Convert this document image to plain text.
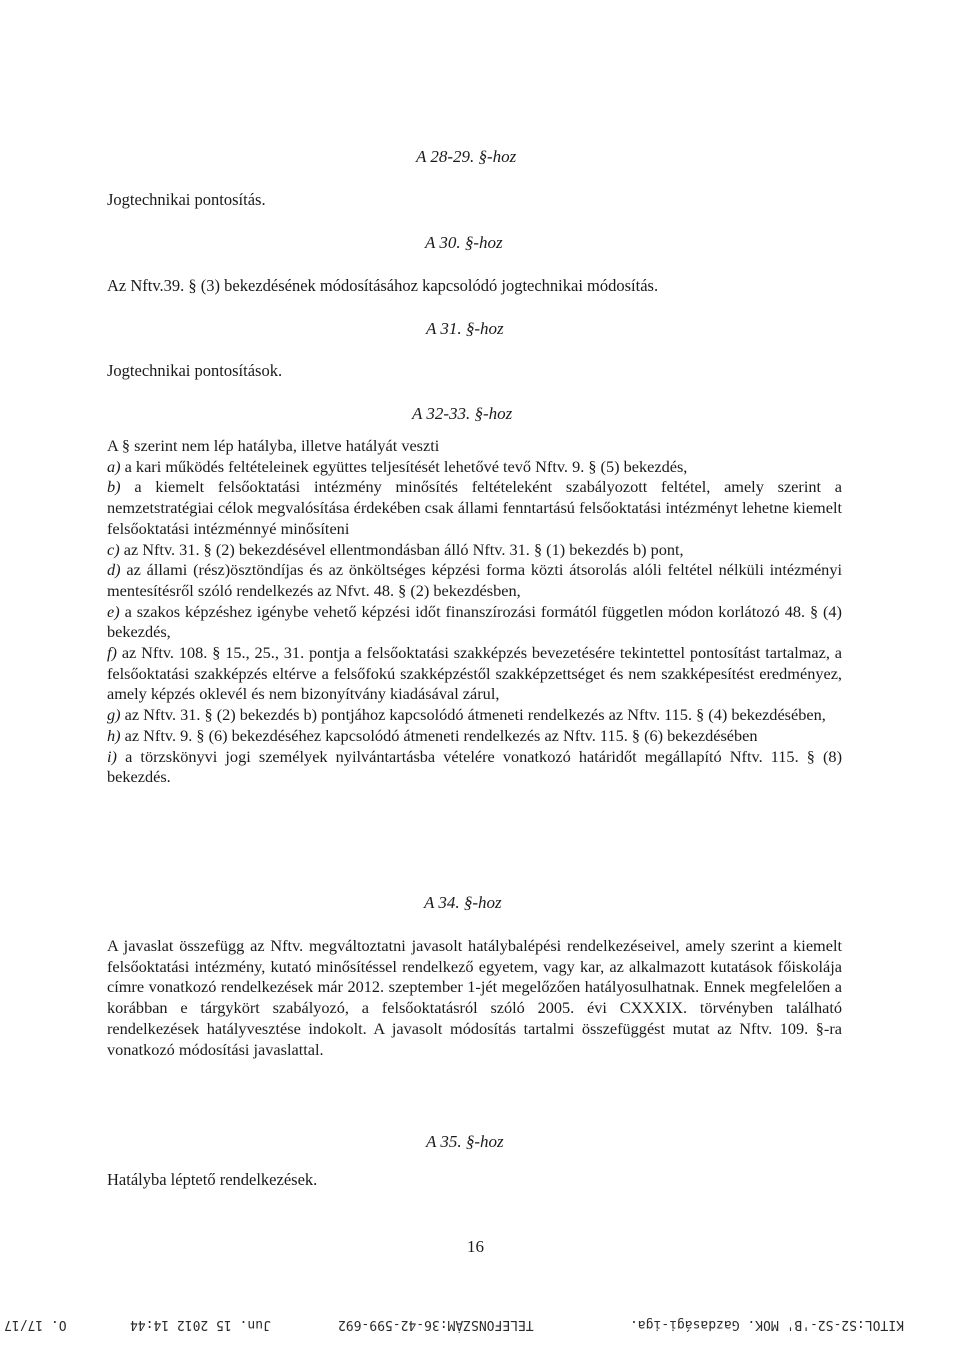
A 28-29. §-hoz
Jogtechnikai pontosítás.
A 30. §-hoz
Az Nftv.39. § (3) bekezdésének módosításához kapcsolódó jogtechnikai módosítás.
A 31. §-hoz
Jogtechnikai pontosítások.
A 32-33. §-hoz

A § szerint nem lép hatályba, illetve hatályát veszti

a) a kari működés feltételeinek együttes teljesítését lehetővé tevő Nftv. 9. § (5) bekezdés,

b) a kiemelt felsőoktatási intézmény minősítés feltételeként szabályozott feltétel, amely szerint a nemzetstratégiai célok megvalósítása érdekében csak állami fenntartású felsőoktatási intézményt lehetne kiemelt felsőoktatási intézménnyé minősíteni

c) az Nftv. 31. § (2) bekezdésével ellentmondásban álló Nftv. 31. § (1) bekezdés b) pont,

d) az állami (rész)ösztöndíjas és az önköltséges képzési forma közti átsorolás alóli feltétel nélküli intézményi mentesítésről szóló rendelkezés az Nfvt. 48. § (2) bekezdésben,

e) a szakos képzéshez igénybe vehető képzési időt finanszírozási formától független módon korlátozó 48. § (4) bekezdés,

f) az Nftv. 108. § 15., 25., 31. pontja a felsőoktatási szakképzés bevezetésére tekintettel pontosítást tartalmaz, a felsőoktatási szakképzés eltérve a felsőfokú szakképzéstől szakképzettséget és nem szakképesítést eredményez, amely képzés oklevél és nem bizonyítvány kiadásával zárul,

g) az Nftv. 31. § (2) bekezdés b) pontjához kapcsolódó átmeneti rendelkezés az Nftv. 115. § (4) bekezdésében,

h) az Nftv. 9. § (6) bekezdéséhez kapcsolódó átmeneti rendelkezés az Nftv. 115. § (6) bekezdésében

i) a törzskönyvi jogi személyek nyilvántartásba vételére vonatkozó határidőt megállapító Nftv. 115. § (8) bekezdés.

A 34. §-hoz

A javaslat összefügg az Nftv. megváltoztatni javasolt hatálybalépési rendelkezéseivel, amely szerint a kiemelt felsőoktatási intézmény, kutató minősítéssel rendelkező egyetem, vagy kar, az alkalmazott kutatások főiskolája címre vonatkozó rendelkezések már 2012. szeptember 1-jét megelőzően hatályosulhatnak. Ennek megfelelően a korábban e tárgykört szabályozó, a felsőoktatásról szóló 2005. évi CXXXIX. törvényben található rendelkezések hatályvesztése indokolt. A javasolt módosítás tartalmi összefüggést mutat az Nftv. 109. §-ra vonatkozó módosítási javaslattal.

A 35. §-hoz
Hatályba léptető rendelkezések.
16
KITOL:S2-S2-'B' MOK. Gazdasági-iga.
TELEFONSZÁM:36-42-599-692
Jun. 15 2012 14:44
O. 17/17
